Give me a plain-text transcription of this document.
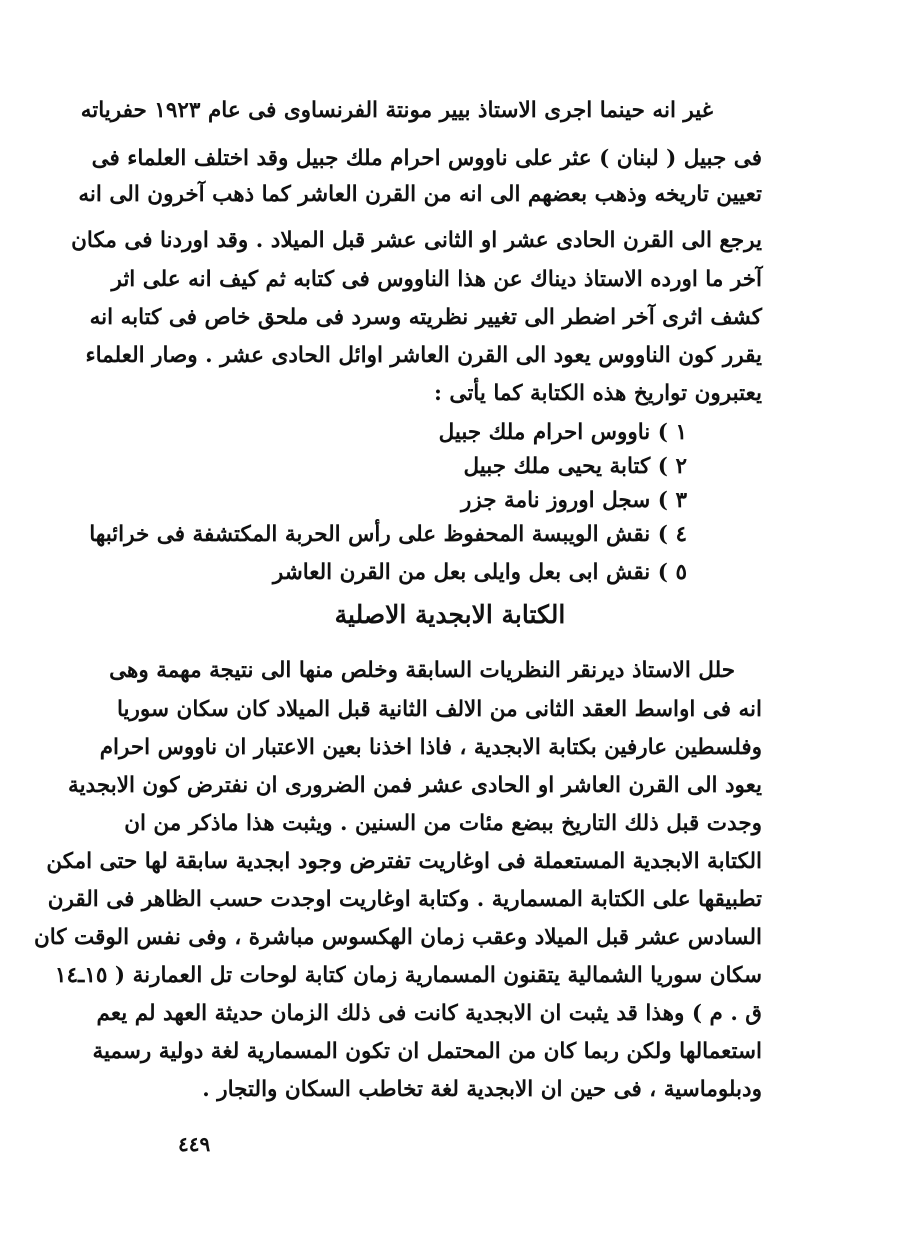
غير انه حينما اجرى الاستاذ بيير مونتة الفرنساوى فى عام ١٩٢٣ حفرياته
فى جبيل ( لبنان ) عثر على ناووس احرام ملك جبيل وقد اختلف العلماء فى
تعيين تاريخه وذهب بعضهم الى انه من القرن العاشر كما ذهب آخرون الى انه
يرجع الى القرن الحادى عشر او الثانى عشر قبل الميلاد . وقد اوردنا فى مكان
آخر ما اورده الاستاذ ديناك عن هذا الناووس فى كتابه ثم كيف انه على اثر
كشف اثرى آخر اضطر الى تغيير نظريته وسرد فى ملحق خاص فى كتابه انه
يقرر كون الناووس يعود الى القرن العاشر اوائل الحادى عشر . وصار العلماء
يعتبرون تواريخ هذه الكتابة كما يأتى :
١ ) ناووس احرام ملك جبيل
٢ ) كتابة يحيى ملك جبيل
٣ ) سجل اوروز نامة جزر
٤ ) نقش الويبسة المحفوظ على رأس الحربة المكتشفة فى خرائبها
٥ ) نقش ابى بعل وايلى بعل من القرن العاشر
الكتابة الابجدية الاصلية
حلل الاستاذ ديرنقر النظريات السابقة وخلص منها الى نتيجة مهمة وهى
انه فى اواسط العقد الثانى من الالف الثانية قبل الميلاد كان سكان سوريا
وفلسطين عارفين بكتابة الابجدية ، فاذا اخذنا بعين الاعتبار ان ناووس احرام
يعود الى القرن العاشر او الحادى عشر فمن الضرورى ان نفترض كون الابجدية
وجدت قبل ذلك التاريخ ببضع مئات من السنين . ويثبت هذا ماذكر من ان
الكتابة الابجدية المستعملة فى اوغاريت تفترض وجود ابجدية سابقة لها حتى امكن
تطبيقها على الكتابة المسمارية . وكتابة اوغاريت اوجدت حسب الظاهر فى القرن
السادس عشر قبل الميلاد وعقب زمان الهكسوس مباشرة ، وفى نفس الوقت كان
سكان سوريا الشمالية يتقنون المسمارية زمان كتابة لوحات تل العمارنة ( ١٥ـ١٤
ق . م ) وهذا قد يثبت ان الابجدية كانت فى ذلك الزمان حديثة العهد لم يعم
استعمالها ولكن ربما كان من المحتمل ان تكون المسمارية لغة دولية رسمية
ودبلوماسية ، فى حين ان الابجدية لغة تخاطب السكان والتجار .
٤٤٩
